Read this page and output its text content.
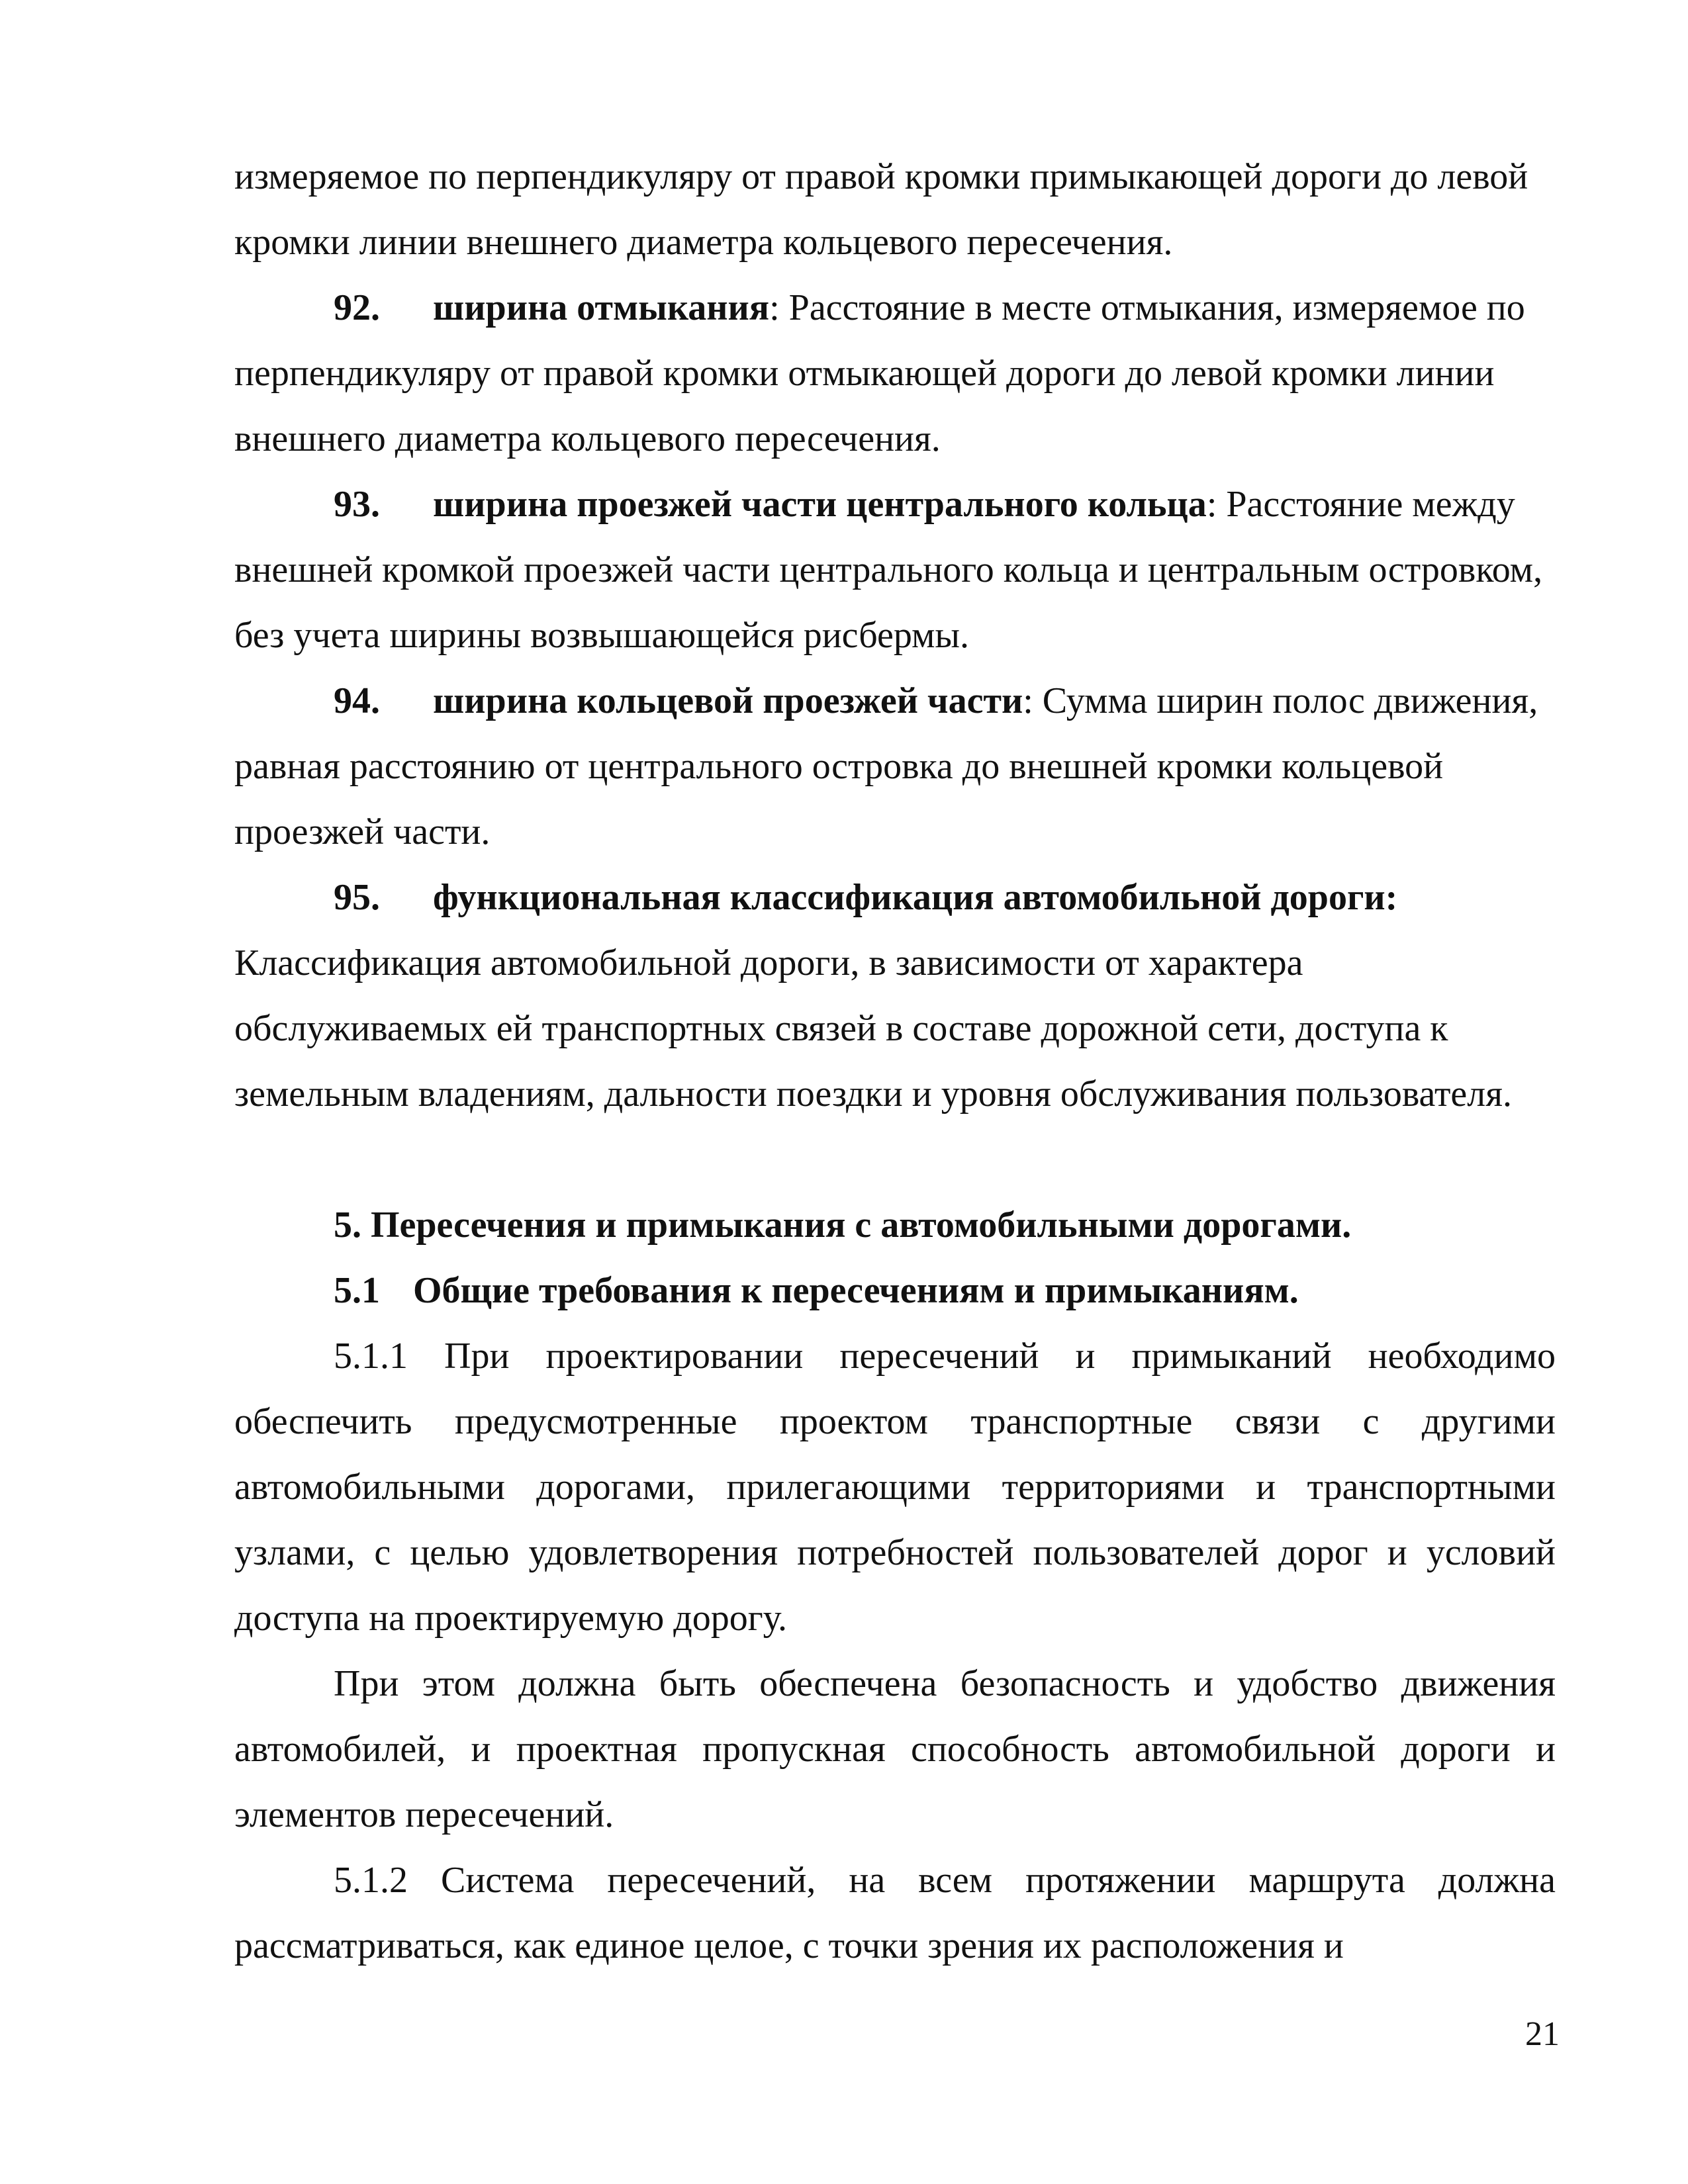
измеряемое по перпендикуляру от правой кромки примыкающей дороги до левой кромки линии внешнего диаметра кольцевого пересечения.

92. ширина отмыкания: Расстояние в месте отмыкания, измеряемое по перпендикуляру от правой кромки отмыкающей дороги до левой кромки линии внешнего диаметра кольцевого пересечения.

93. ширина проезжей части центрального кольца: Расстояние между внешней кромкой проезжей части центрального кольца и центральным островком, без учета ширины возвышающейся рисбермы.

94. ширина кольцевой проезжей части: Сумма ширин полос движения, равная расстоянию от центрального островка до внешней кромки кольцевой проезжей части.

95. функциональная классификация автомобильной дороги: Классификация автомобильной дороги, в зависимости от характера обслуживаемых ей транспортных связей в составе дорожной сети, доступа к земельным владениям, дальности поездки и уровня обслуживания пользователя.

5. Пересечения и примыкания с автомобильными дорогами.

5.1 Общие требования к пересечениям и примыканиям.

5.1.1 При проектировании пересечений и примыканий необходимо обеспечить предусмотренные проектом транспортные связи с другими автомобильными дорогами, прилегающими территориями и транспортными узлами, с целью удовлетворения потребностей пользователей дорог и условий доступа на проектируемую дорогу.

При этом должна быть обеспечена безопасность и удобство движения автомобилей, и проектная пропускная способность автомобильной дороги и элементов пересечений.

5.1.2 Система пересечений, на всем протяжении маршрута должна рассматриваться, как единое целое, с точки зрения их расположения и

21
